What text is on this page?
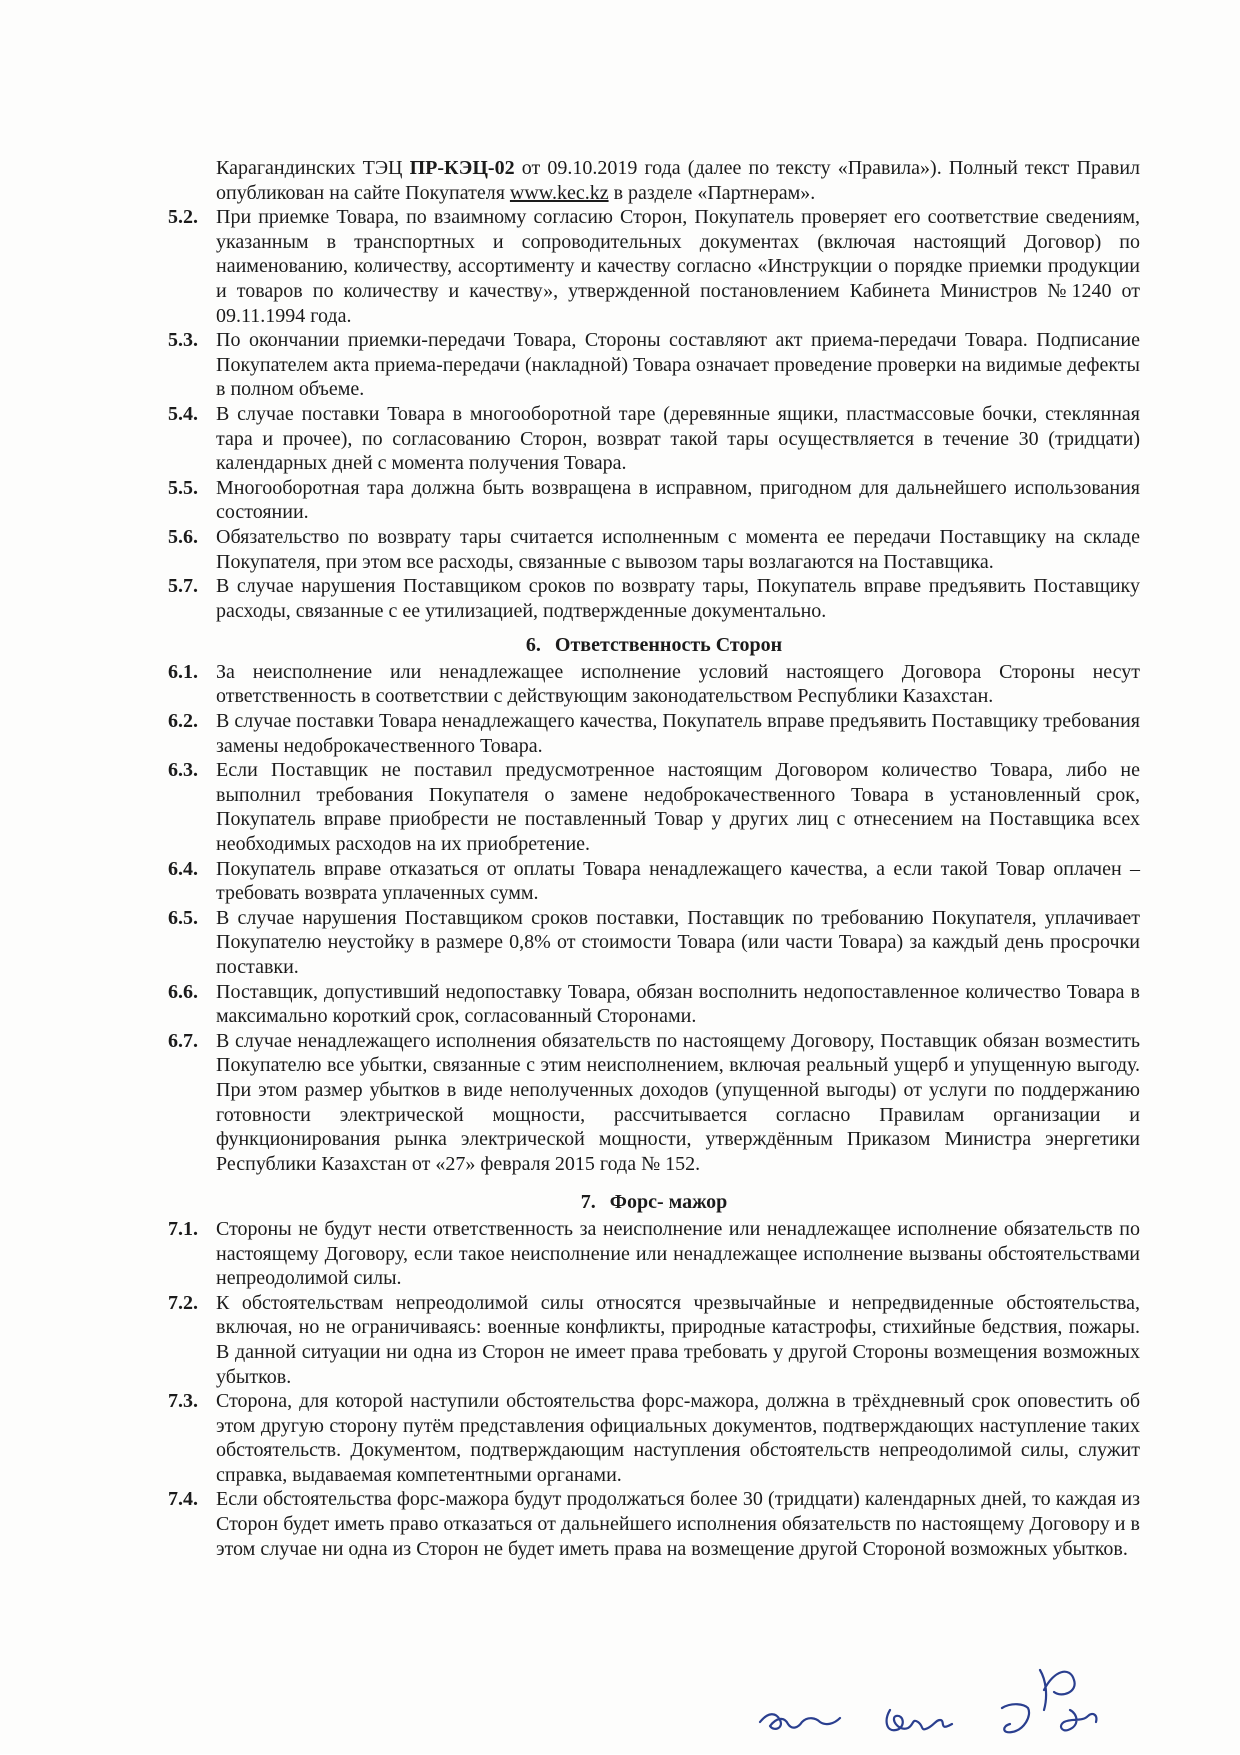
Карагандинских ТЭЦ ПР-КЭЦ-02 от 09.10.2019 года (далее по тексту «Правила»). Полный текст Правил опубликован на сайте Покупателя www.kec.kz в разделе «Партнерам».

5.2. При приемке Товара, по взаимному согласию Сторон, Покупатель проверяет его соответствие сведениям, указанным в транспортных и сопроводительных документах (включая настоящий Договор) по наименованию, количеству, ассортименту и качеству согласно «Инструкции о порядке приемки продукции и товаров по количеству и качеству», утвержденной постановлением Кабинета Министров №1240 от 09.11.1994 года.
5.3. По окончании приемки-передачи Товара, Стороны составляют акт приема-передачи Товара. Подписание Покупателем акта приема-передачи (накладной) Товара означает проведение проверки на видимые дефекты в полном объеме.
5.4. В случае поставки Товара в многооборотной таре (деревянные ящики, пластмассовые бочки, стеклянная тара и прочее), по согласованию Сторон, возврат такой тары осуществляется в течение 30 (тридцати) календарных дней с момента получения Товара.
5.5. Многооборотная тара должна быть возвращена в исправном, пригодном для дальнейшего использования состоянии.
5.6. Обязательство по возврату тары считается исполненным с момента ее передачи Поставщику на складе Покупателя, при этом все расходы, связанные с вывозом тары возлагаются на Поставщика.
5.7. В случае нарушения Поставщиком сроков по возврату тары, Покупатель вправе предъявить Поставщику расходы, связанные с ее утилизацией, подтвержденные документально.
6. Ответственность Сторон
6.1. За неисполнение или ненадлежащее исполнение условий настоящего Договора Стороны несут ответственность в соответствии с действующим законодательством Республики Казахстан.
6.2. В случае поставки Товара ненадлежащего качества, Покупатель вправе предъявить Поставщику требования замены недоброкачественного Товара.
6.3. Если Поставщик не поставил предусмотренное настоящим Договором количество Товара, либо не выполнил требования Покупателя о замене недоброкачественного Товара в установленный срок, Покупатель вправе приобрести не поставленный Товар у других лиц с отнесением на Поставщика всех необходимых расходов на их приобретение.
6.4. Покупатель вправе отказаться от оплаты Товара ненадлежащего качества, а если такой Товар оплачен – требовать возврата уплаченных сумм.
6.5. В случае нарушения Поставщиком сроков поставки, Поставщик по требованию Покупателя, уплачивает Покупателю неустойку в размере 0,8% от стоимости Товара (или части Товара) за каждый день просрочки поставки.
6.6. Поставщик, допустивший недопоставку Товара, обязан восполнить недопоставленное количество Товара в максимально короткий срок, согласованный Сторонами.
6.7. В случае ненадлежащего исполнения обязательств по настоящему Договору, Поставщик обязан возместить Покупателю все убытки, связанные с этим неисполнением, включая реальный ущерб и упущенную выгоду. При этом размер убытков в виде неполученных доходов (упущенной выгоды) от услуги по поддержанию готовности электрической мощности, рассчитывается согласно Правилам организации и функционирования рынка электрической мощности, утверждённым Приказом Министра энергетики Республики Казахстан от «27» февраля 2015 года № 152.
7. Форс- мажор
7.1. Стороны не будут нести ответственность за неисполнение или ненадлежащее исполнение обязательств по настоящему Договору, если такое неисполнение или ненадлежащее исполнение вызваны обстоятельствами непреодолимой силы.
7.2. К обстоятельствам непреодолимой силы относятся чрезвычайные и непредвиденные обстоятельства, включая, но не ограничиваясь: военные конфликты, природные катастрофы, стихийные бедствия, пожары. В данной ситуации ни одна из Сторон не имеет права требовать у другой Стороны возмещения возможных убытков.
7.3. Сторона, для которой наступили обстоятельства форс-мажора, должна в трёхдневный срок оповестить об этом другую сторону путём представления официальных документов, подтверждающих наступление таких обстоятельств. Документом, подтверждающим наступления обстоятельств непреодолимой силы, служит справка, выдаваемая компетентными органами.
7.4. Если обстоятельства форс-мажора будут продолжаться более 30 (тридцати) календарных дней, то каждая из Сторон будет иметь право отказаться от дальнейшего исполнения обязательств по настоящему Договору и в этом случае ни одна из Сторон не будет иметь права на возмещение другой Стороной возможных убытков.
